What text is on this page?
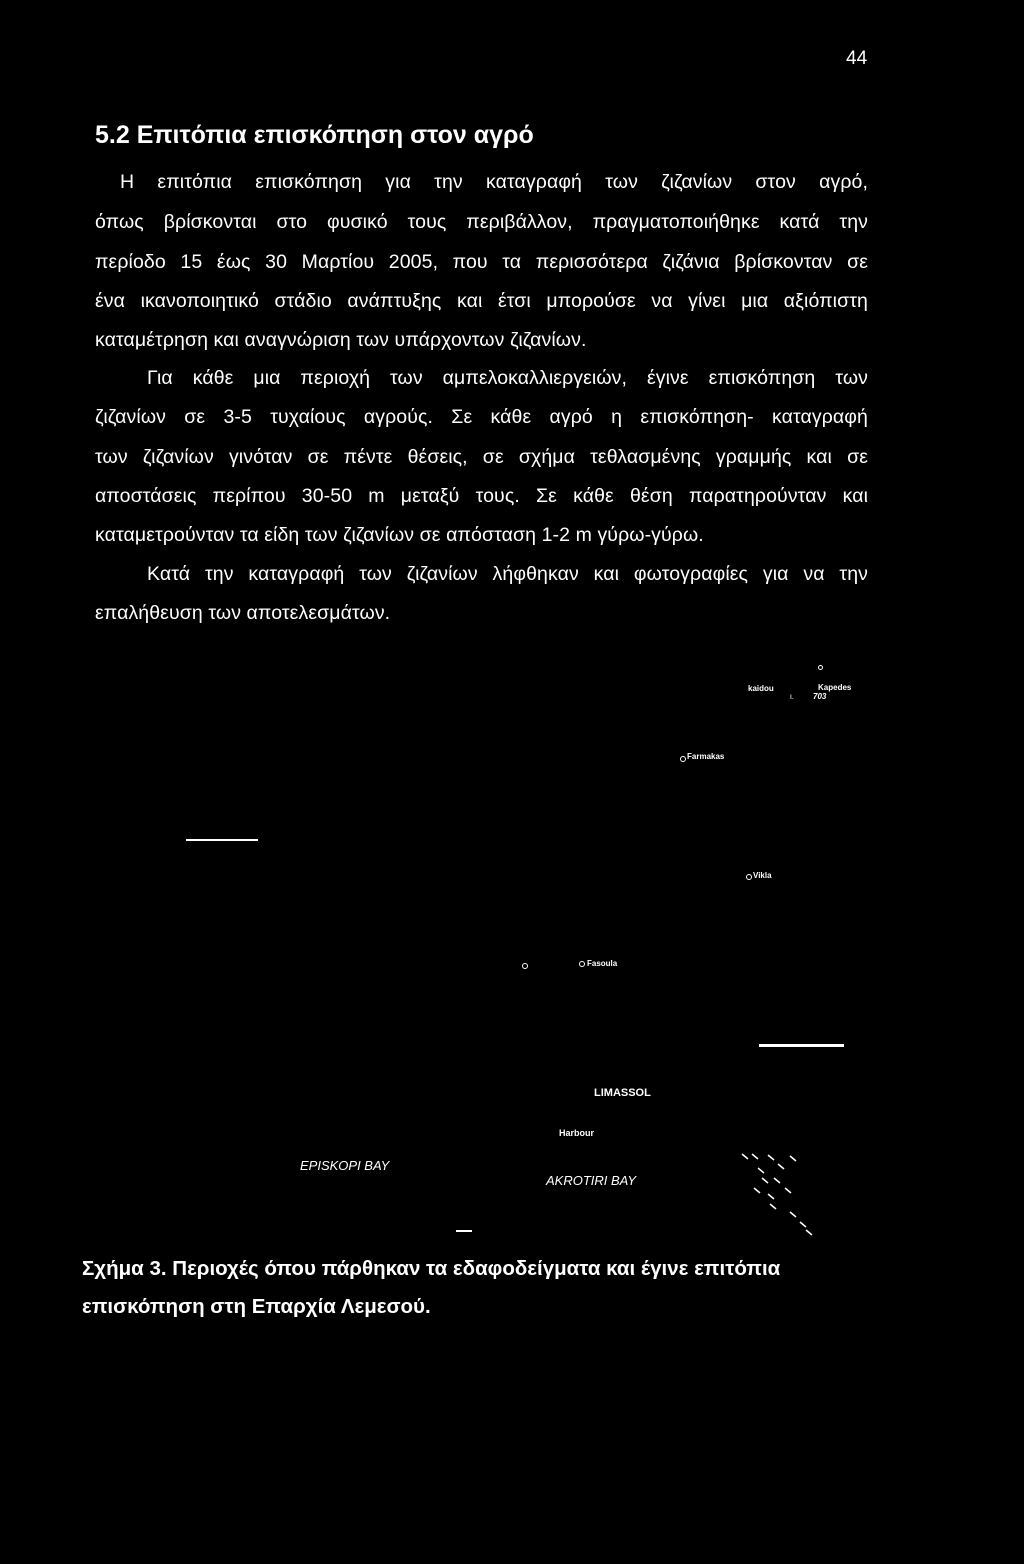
44
5.2 Επιτόπια επισκόπηση στον αγρό
Η επιτόπια επισκόπηση για την καταγραφή των ζιζανίων στον αγρό,
όπως βρίσκονται στο φυσικό τους περιβάλλον, πραγματοποιήθηκε κατά την
περίοδο 15 έως 30 Μαρτίου 2005, που τα περισσότερα ζιζάνια βρίσκονταν σε
ένα ικανοποιητικό στάδιο ανάπτυξης και έτσι μπορούσε να γίνει μια αξιόπιστη
καταμέτρηση και αναγνώριση των υπάρχοντων ζιζανίων.
Για κάθε μια περιοχή των αμπελοκαλλιεργειών, έγινε επισκόπηση των
ζιζανίων σε 3-5 τυχαίους αγρούς. Σε κάθε αγρό η επισκόπηση- καταγραφή
των ζιζανίων γινόταν σε πέντε θέσεις, σε σχήμα τεθλασμένης γραμμής και σε
αποστάσεις περίπου 30-50 m μεταξύ τους. Σε κάθε θέση παρατηρούνταν και
καταμετρούνταν τα είδη των ζιζανίων σε απόσταση 1-2 m γύρω-γύρω.
Κατά την καταγραφή των ζιζανίων λήφθηκαν και φωτογραφίες για να την
επαλήθευση των αποτελεσμάτων.
kaidou	Kapedes
ι. 703
Farmakas
Vikla
Fasoula
LIMASSOL
Harbour
EPISKOPI BAY
AKROTIRI BAY
Σχήμα 3. Περιοχές όπου πάρθηκαν τα εδαφοδείγματα και έγινε επιτόπια
επισκόπηση στη Επαρχία Λεμεσού.
